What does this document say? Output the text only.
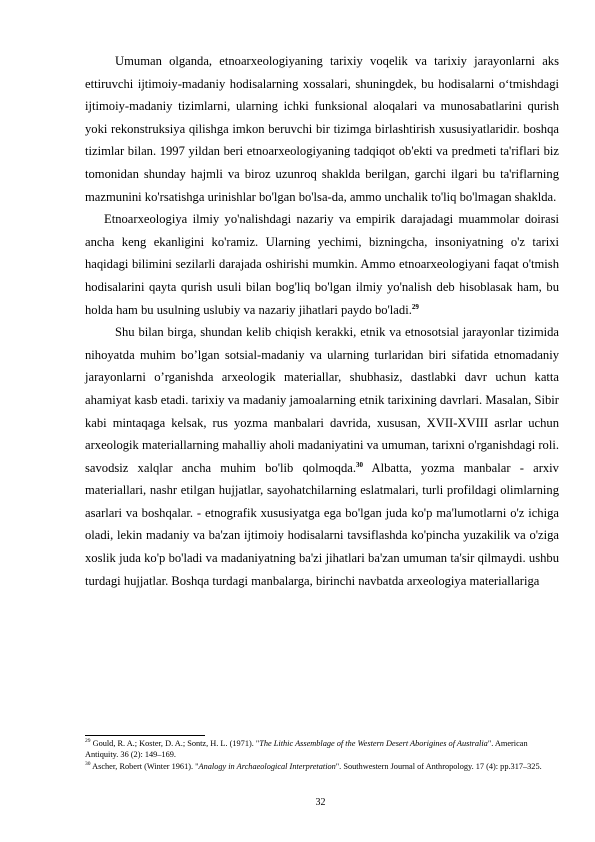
Umuman olganda, etnoarxeologiyaning tarixiy voqelik va tarixiy jarayonlarni aks ettiruvchi ijtimoiy-madaniy hodisalarning xossalari, shuningdek, bu hodisalarni o‘tmishdagi ijtimoiy-madaniy tizimlarni, ularning ichki funksional aloqalari va munosabatlarini qurish yoki rekonstruksiya qilishga imkon beruvchi bir tizimga birlashtirish xususiyatlaridir. boshqa tizimlar bilan. 1997 yildan beri etnoarxeologiyaning tadqiqot ob'ekti va predmeti ta'riflari biz tomonidan shunday hajmli va biroz uzunroq shaklda berilgan, garchi ilgari bu ta'riflarning mazmunini ko'rsatishga urinishlar bo'lgan bo'lsa-da, ammo unchalik to'liq bo'lmagan shaklda.

Etnoarxeologiya ilmiy yo'nalishdagi nazariy va empirik darajadagi muammolar doirasi ancha keng ekanligini ko'ramiz. Ularning yechimi, bizningcha, insoniyatning o'z tarixi haqidagi bilimini sezilarli darajada oshirishi mumkin. Ammo etnoarxeologiyani faqat o'tmish hodisalarini qayta qurish usuli bilan bog'liq bo'lgan ilmiy yo'nalish deb hisoblasak ham, bu holda ham bu usulning uslubiy va nazariy jihatlari paydo bo'ladi.$^{29}$

Shu bilan birga, shundan kelib chiqish kerakki, etnik va etnosotsial jarayonlar tizimida nihoyatda muhim bo’lgan sotsial-madaniy va ularning turlaridan biri sifatida etnomadaniy jarayonlarni o’rganishda arxeologik materiallar, shubhasiz, dastlabki davr uchun katta ahamiyat kasb etadi. tarixiy va madaniy jamoalarning etnik tarixining davrlari. Masalan, Sibir kabi mintaqaga kelsak, rus yozma manbalari davrida, xususan, XVII-XVIII asrlar uchun arxeologik materiallarning mahalliy aholi madaniyatini va umuman, tarixni o'rganishdagi roli. savodsiz xalqlar ancha muhim bo'lib qolmoqda.$^{30}$ Albatta, yozma manbalar - arxiv materiallari, nashr etilgan hujjatlar, sayohatchilarning eslatmalari, turli profildagi olimlarning asarlari va boshqalar. - etnografik xususiyatga ega bo'lgan juda ko'p ma'lumotlarni o'z ichiga oladi, lekin madaniy va ba'zan ijtimoiy hodisalarni tavsiflashda ko'pincha yuzakilik va o'ziga xoslik juda ko'p bo'ladi va madaniyatning ba'zi jihatlari ba'zan umuman ta'sir qilmaydi. ushbu turdagi hujjatlar. Boshqa turdagi manbalarga, birinchi navbatda arxeologiya materiallariga

$^{29}$ Gould, R. A.; Koster, D. A.; Sontz, H. L. (1971). "The Lithic Assemblage of the Western Desert Aborigines of Australia". American Antiquity. 36 (2): 149–169.

$^{30}$ Ascher, Robert (Winter 1961). "Analogy in Archaeological Interpretation". Southwestern Journal of Anthropology. 17 (4): pp.317–325.

32
